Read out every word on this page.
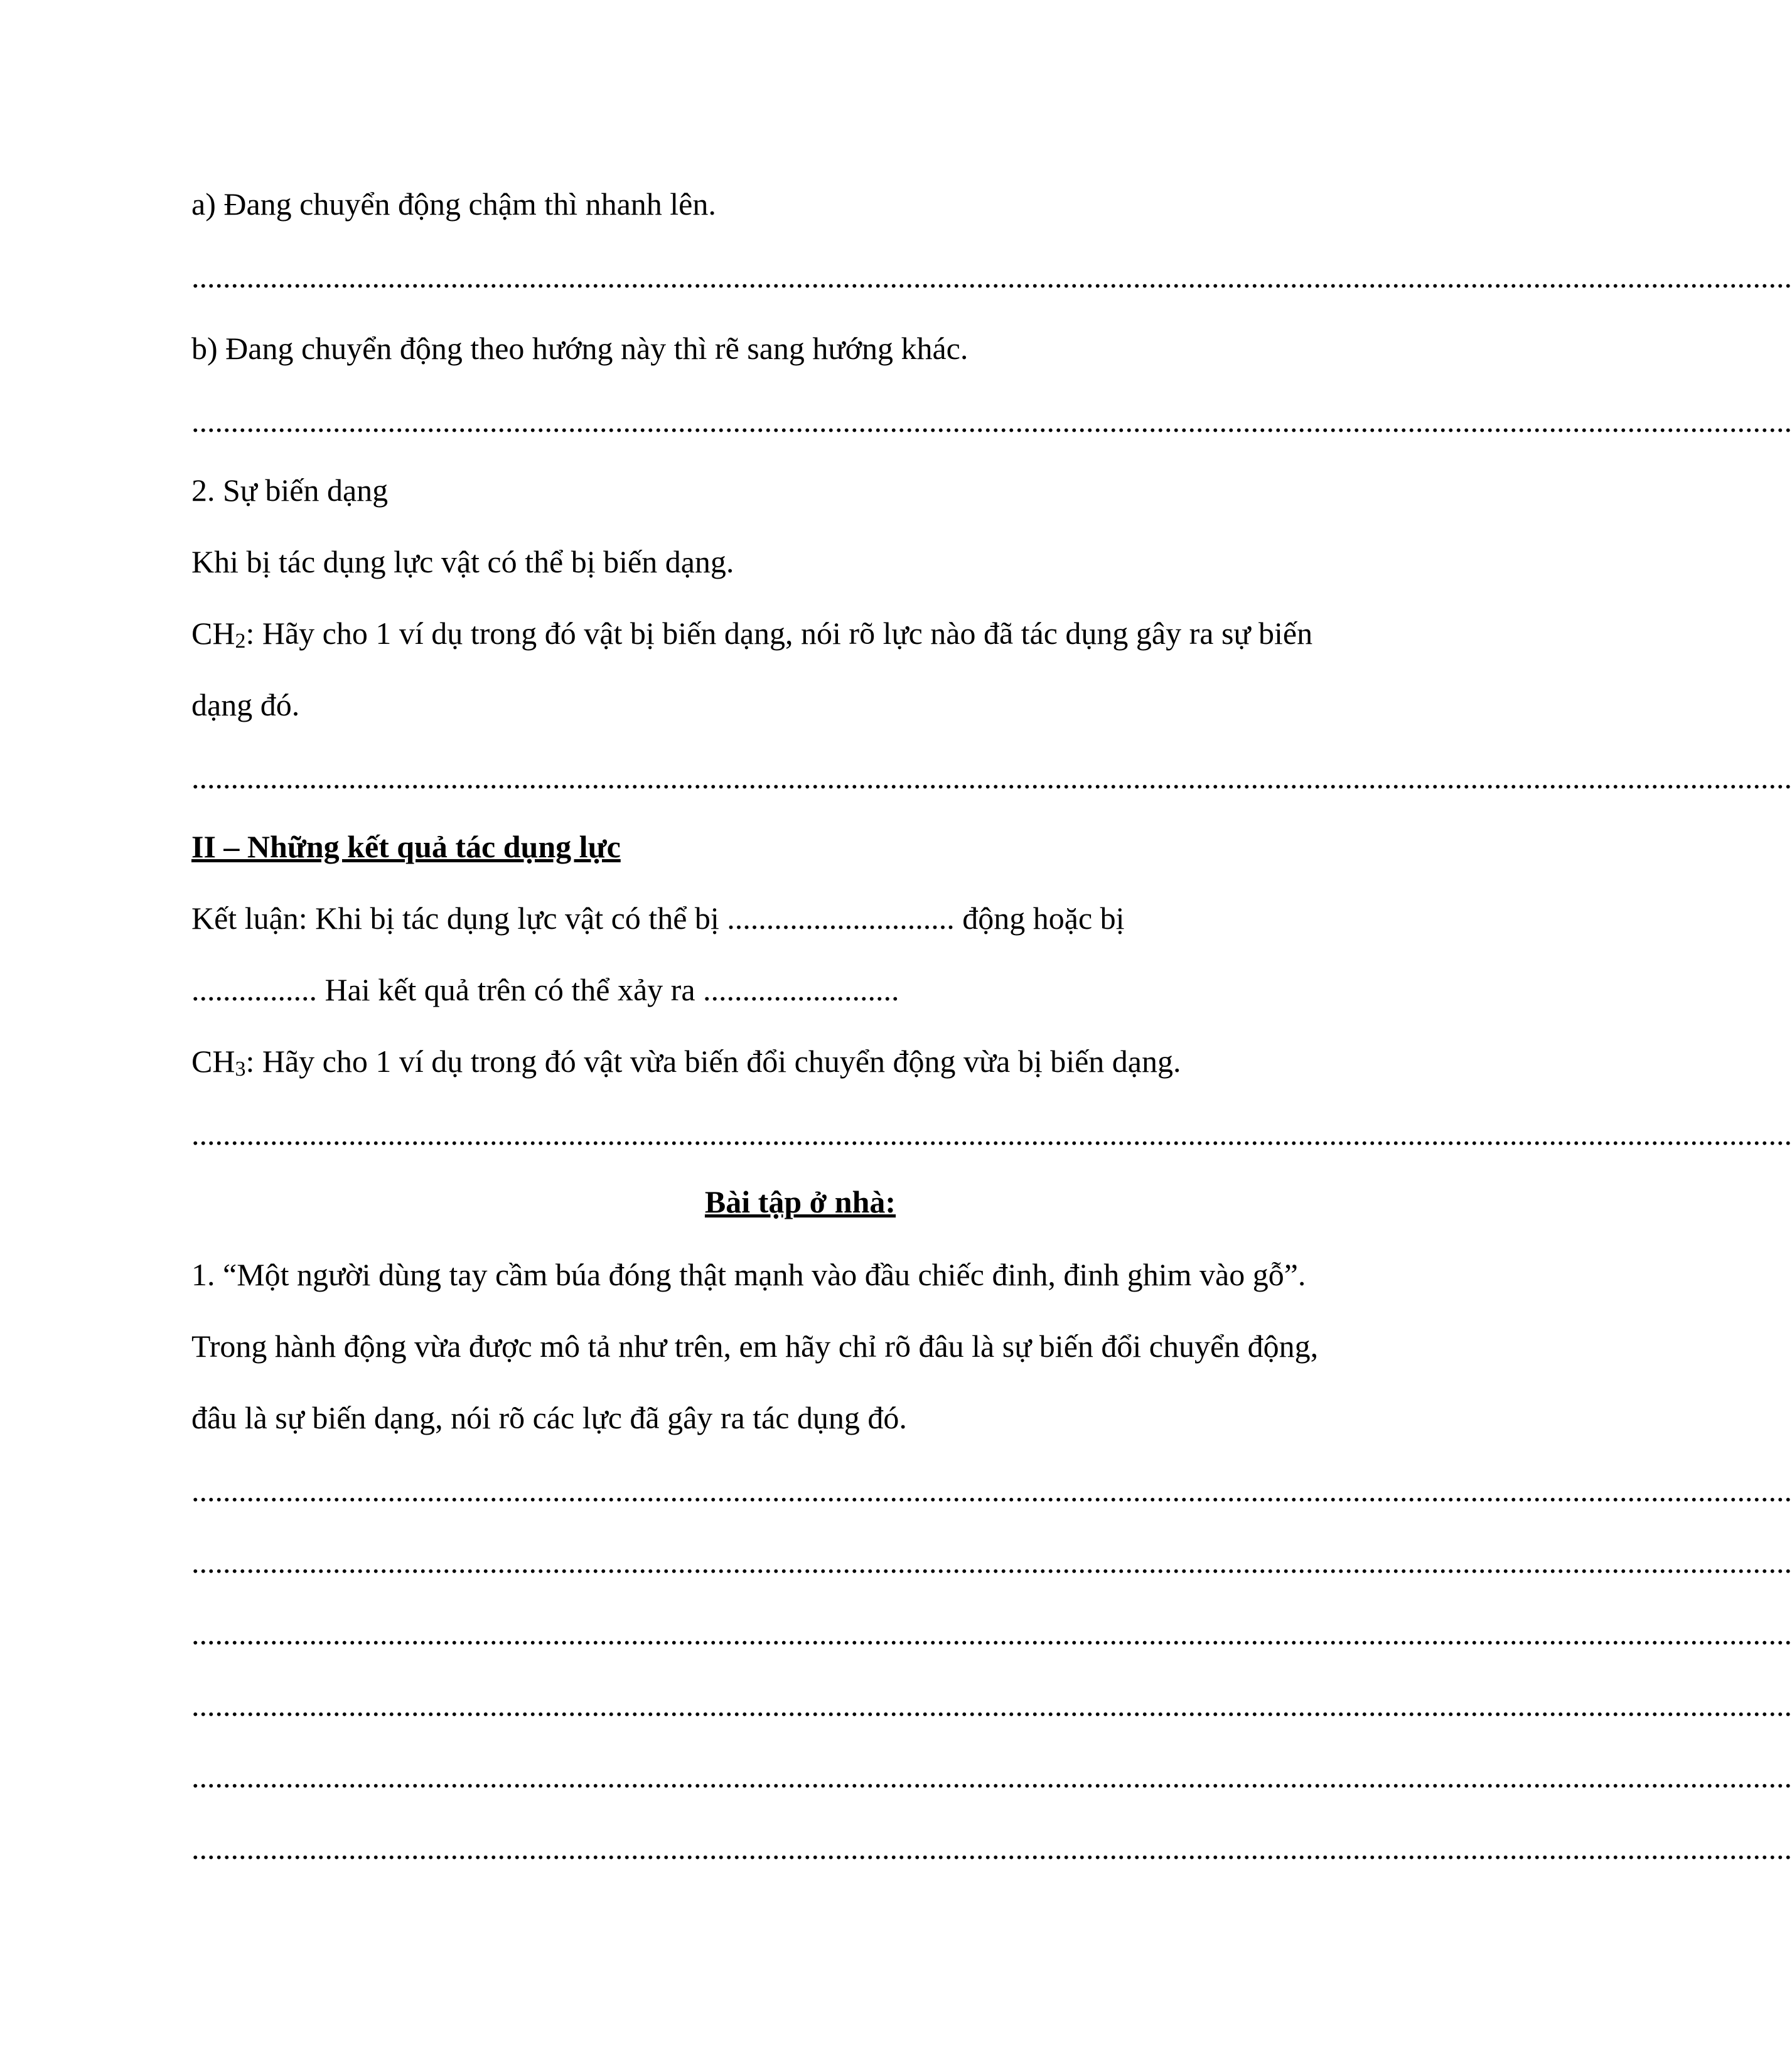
a) Đang chuyển động chậm thì nhanh lên.
............................................................................................................................................................................................................
b) Đang chuyển động theo hướng này thì rẽ sang hướng khác.
............................................................................................................................................................................................................
2. Sự biến dạng
Khi bị tác dụng lực vật có thể bị biến dạng.
$CH_2$: Hãy cho 1 ví dụ trong đó vật bị biến dạng, nói rõ lực nào đã tác dụng gây ra sự biến
dạng đó.
............................................................................................................................................................................................................
II – Những kết quả tác dụng lực
Kết luận: Khi bị tác dụng lực vật có thể bị ............................. động hoặc bị
................ Hai kết quả trên có thể xảy ra .........................
$CH_3$: Hãy cho 1 ví dụ trong đó vật vừa biến đổi chuyển động vừa bị biến dạng.
............................................................................................................................................................................................................
Bài tập ở nhà:
1. “Một người dùng tay cầm búa đóng thật mạnh vào đầu chiếc đinh, đinh ghim vào gỗ”.
Trong hành động vừa được mô tả như trên, em hãy chỉ rõ đâu là sự biến đổi chuyển động,
đâu là sự biến dạng, nói rõ các lực đã gây ra tác dụng đó.
............................................................................................................................................................................................................
............................................................................................................................................................................................................
............................................................................................................................................................................................................
............................................................................................................................................................................................................
............................................................................................................................................................................................................
............................................................................................................................................................................................................
